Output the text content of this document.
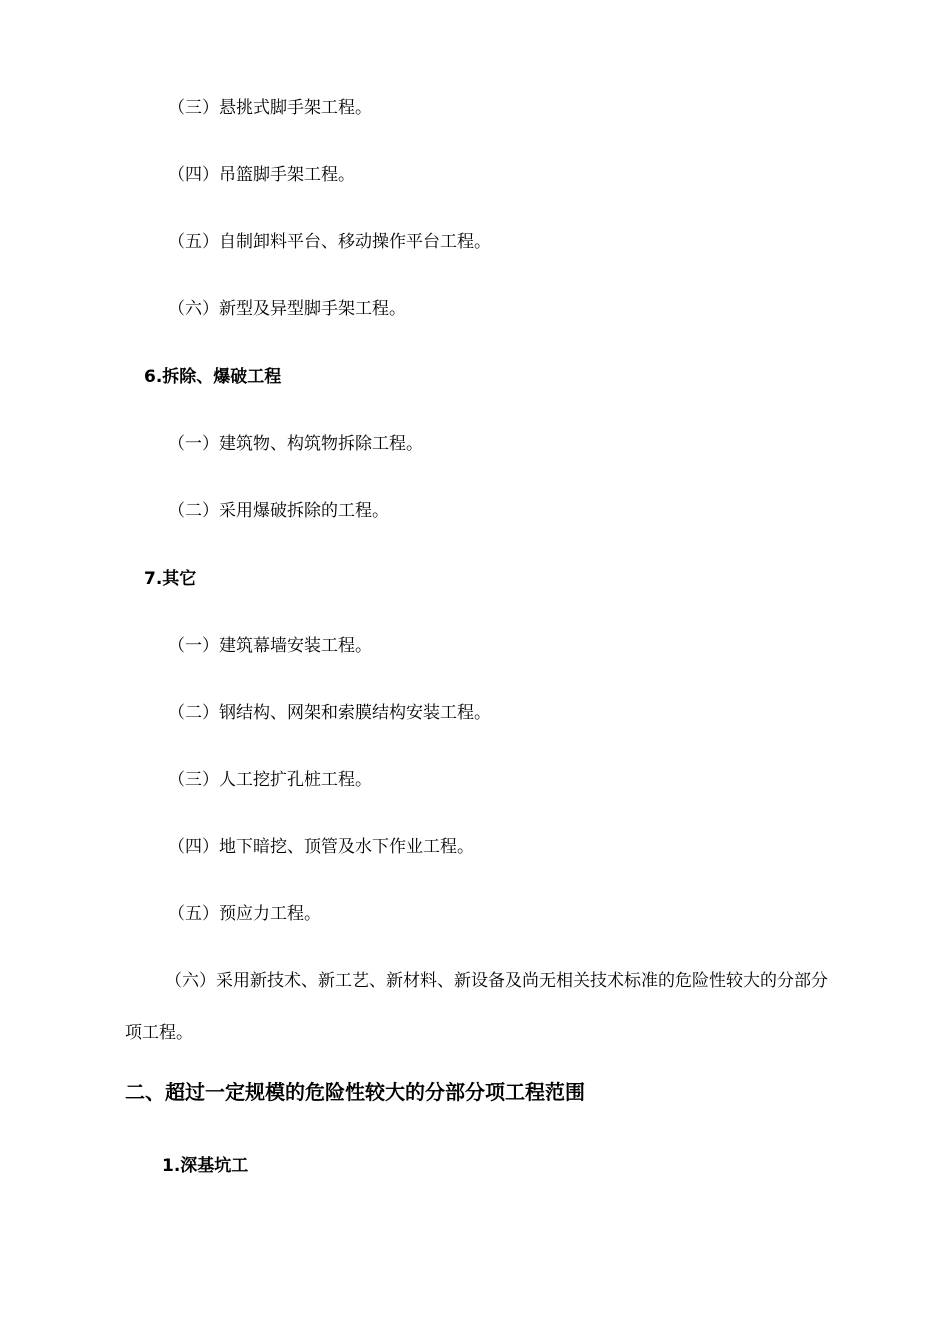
（三）悬挑式脚手架工程。
（四）吊篮脚手架工程。
（五）自制卸料平台、移动操作平台工程。
（六）新型及异型脚手架工程。
6.拆除、爆破工程
（一）建筑物、构筑物拆除工程。
（二）采用爆破拆除的工程。
7.其它
（一）建筑幕墙安装工程。
（二）钢结构、网架和索膜结构安装工程。
（三）人工挖扩孔桩工程。
（四）地下暗挖、顶管及水下作业工程。
（五）预应力工程。
（六）采用新技术、新工艺、新材料、新设备及尚无相关技术标准的危险性较大的分部分项工程。
二、超过一定规模的危险性较大的分部分项工程范围
1.深基坑工
